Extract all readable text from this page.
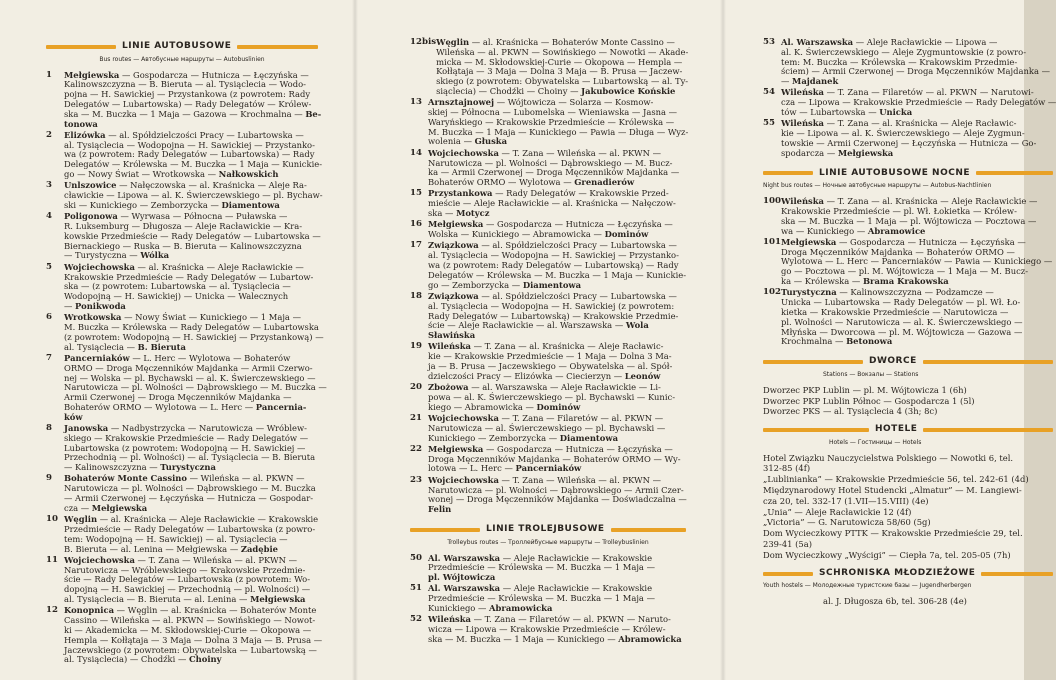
LINIE AUTOBUSOWE
Bus routes — Автобусные маршруты — Autobuslinien
1	Mełgiewska — Gospodarcza — Hutnicza — Łęczyńska —
Kalinowszczyzna — B. Bieruta — al. Tysiąclecia — Wodo-
pojna — H. Sawickiej — Przystankowa (z powrotem: Rady
Delegatów — Lubartowska) — Rady Delegatów — Królew-
ska — M. Buczka — 1 Maja — Gazowa — Krochmalna — Be-
tonowa
2	Elizówka — al. Spółdzielczości Pracy — Lubartowska —
al. Tysiąclecia — Wodopojna — H. Sawickiej — Przystanko-
wa (z powrotem: Rady Delegatów — Lubartowska) — Rady
Delegatów — Królewska — M. Buczka — 1 Maja — Kunickie-
go — Nowy Świat — Wrotkowska — Nałkowskich
3	Unlszowice — Nałęczowska — al. Kraśnicka — Aleje Ra-
cławickie — Lipowa — al. K. Świerczewskiego — pl. Bychaw-
ski — Kunickiego — Zemborzycka — Diamentowa
4	Poligonowa — Wyrwasa — Północna — Puławska —
R. Luksemburg — Długosza — Aleje Racławickie — Kra-
kowskie Przedmieście — Rady Delegatów — Lubartowska —
Biernackiego — Ruska — B. Bieruta — Kalinowszczyzna
— Turystyczna — Wólka
5	Wojciechowska — al. Kraśnicka — Aleje Racławickie —
Krakowskie Przedmieście — Rady Delegatów — Lubartow-
ska — (z powrotem: Lubartowska — al. Tysiąclecia —
Wodopojną — H. Sawickiej) — Unicka — Walecznych
— Ponikwoda
6	Wrotkowska — Nowy Świat — Kunickiego — 1 Maja —
M. Buczka — Królewska — Rady Delegatów — Lubartowska
(z powrotem: Wodopojną — H. Sawickiej — Przystankową) —
al. Tysiąclecia — B. Bieruta
7	Pancerniaków — L. Herc — Wylotowa — Bohaterów
ORMO — Droga Męczenników Majdanka — Armii Czerwo-
nej — Wolska — pl. Bychawski — al. K. Świerczewskiego —
Narutowicza — pl. Wolności — Dąbrowskiego — M. Buczka —
Armii Czerwonej — Droga Męczenników Majdanka —
Bohaterów ORMO — Wylotowa — L. Herc — Pancernia-
ków
8	Janowska — Nadbystrzycka — Narutowicza — Wróblew-
skiego — Krakowskie Przedmieście — Rady Delegatów —
Lubartowska (z powrotem: Wodopojną — H. Sawickiej —
Przechodnią — pl. Wolności) — al. Tysiąclecia — B. Bieruta
— Kalinowszczyzna — Turystyczna
9	Bohaterów Monte Cassino — Wileńska — al. PKWN —
Narutowicza — pl. Wolności — Dąbrowskiego — M. Buczka
— Armii Czerwonej — Łęczyńska — Hutnicza — Gospodar-
cza — Mełgiewska
10 Węglin — al. Kraśnicka — Aleje Racławickie — Krakowskie
Przedmieście — Rady Delegatów — Lubartowska (z powro-
tem: Wodopojną — H. Sawickiej) — al. Tysiąclecia —
B. Bieruta — al. Lenina — Mełgiewska — Zadębie
11 Wojciechowska — T. Zana — Wileńska — al. PKWN —
Narutowicza — Wróblewskiego — Krakowskie Przedmie-
ście — Rady Delegatów — Lubartowska (z powrotem: Wo-
dopojną — H. Sawickiej — Przechodnią — pl. Wolności) —
al. Tysiąclecia — B. Bieruta — al. Lenina — Mełgiewska
12 Konopnica — Węglin — al. Kraśnicka — Bohaterów Monte
Cassino — Wileńska — al. PKWN — Sowińskiego — Nowot-
ki — Akademicka — M. Skłodowskiej-Curie — Okopowa —
Hempla — Kołłątaja — 3 Maja — Dolna 3 Maja — B. Prusa —
Jaczewskiego (z powrotem: Obywatelska — Lubartowską —
al. Tysiąclecia) — Chodźki — Choiny
12bis Węglin — al. Kraśnicka — Bohaterów Monte Cassino —
Wileńska — al. PKWN — Sowińskiego — Nowotki — Akade-
micka — M. Skłodowskiej-Curie — Okopowa — Hempla —
Kołłątaja — 3 Maja — Dolna 3 Maja — B. Prusa — Jaczew-
skiego (z powrotem: Obywatelska — Lubartowską — al. Ty-
siąclecia) — Chodźki — Choiny — Jakubowice Końskie
13 Arnsztajnowej — Wójtowicza — Solarza — Kosmow-
skiej — Północna — Lubomelska — Wieniawska — Jasna —
Waryńskiego — Krakowskie Przedmieście — Królewska —
M. Buczka — 1 Maja — Kunickiego — Pawia — Długa — Wyz-
wolenia — Głuska
14 Wojciechowska — T. Zana — Wileńska — al. PKWN —
Narutowicza — pl. Wolności — Dąbrowskiego — M. Bucz-
ka — Armii Czerwonej — Droga Męczenników Majdanka —
Bohaterów ORMO — Wylotowa — Grenadierów
15 Przystankowa — Rady Delegatów — Krakowskie Przed-
mieście — Aleje Racławickie — al. Kraśnicka — Nałęczow-
ska — Motycz
16 Mełgiewska — Gospodarcza — Hutnicza — Łęczyńska —
Wolska — Kunickiego — Abramowicka — Dominów
17 Związkowa — al. Spółdzielczości Pracy — Lubartowska —
al. Tysiąclecia — Wodopojna — H. Sawickiej — Przystanko-
wa (z powrotem: Rady Delegatów — Lubartowską) — Rady
Delegatów — Królewska — M. Buczka — 1 Maja — Kunickie-
go — Zemborzycka — Diamentowa
18 Związkowa — al. Spółdzielczości Pracy — Lubartowska —
al. Tysiąclecia — Wodopojna — H. Sawickiej (z powrotem:
Rady Delegatów — Lubartowską) — Krakowskie Przedmie-
ście — Aleje Racławickie — al. Warszawska — Wola
Sławińska
19 Wileńska — T. Zana — al. Kraśnicka — Aleje Racławic-
kie — Krakowskie Przedmieście — 1 Maja — Dolna 3 Ma-
ja — B. Prusa — Jaczewskiego — Obywatelska — al. Spół-
dzielczości Pracy — Elizówka — Ciecierzyn — Leonów
20 Zbożowa — al. Warszawska — Aleje Racławickie — Li-
powa — al. K. Świerczewskiego — pl. Bychawski — Kunic-
kiego — Abramowicka — Dominów
21 Wojciechowska — T. Zana — Filaretów — al. PKWN —
Narutowicza — al. Świerczewskiego — pl. Bychawski —
Kunickiego — Zemborzycka — Diamentowa
22 Mełgiewska — Gospodarcza — Hutnicza — Łęczyńska —
Droga Męczenników Majdanka — Bohaterów ORMO — Wy-
lotowa — L. Herc — Pancerniaków
23 Wojciechowska — T. Zana — Wileńska — al. PKWN —
Narutowicza — pl. Wolności — Dąbrowskiego — Armii Czer-
wonej — Droga Męczenników Majdanka — Doświadczalna —
Felin
LINIE TROLEJBUSOWE
Trolleybus routes — Троллейбусные маршруты — Trolleybuslinien
50 Al. Warszawska — Aleje Racławickie — Krakowskie
Przedmieście — Królewska — M. Buczka — 1 Maja —
pl. Wójtowicza
51 Al. Warszawska — Aleje Racławickie — Krakowskie
Przedmieście — Królewska — M. Buczka — 1 Maja —
Kunickiego — Abramowicka
52 Wileńska — T. Zana — Filaretów — al. PKWN — Naruto-
wicza — Lipowa — Krakowskie Przedmieście — Królew-
ska — M. Buczka — 1 Maja — Kunickiego — Abramowicka
53 Al. Warszawska — Aleje Racławickie — Lipowa —
al. K. Świerczewskiego — Aleje Zygmuntowskie (z powro-
tem: M. Buczka — Królewska — Krakowskim Przedmie-
ściem) — Armii Czerwonej — Droga Męczenników Majdanka —
— Majdanek
54 Wileńska — T. Zana — Filaretów — al. PKWN — Narutowi-
cza — Lipowa — Krakowskie Przedmieście — Rady Delegatów —
tów — Lubartowska — Unicka
55 Wileńska — T. Zana — al. Kraśnicka — Aleje Racławic-
kie — Lipowa — al. K. Świerczewskiego — Aleje Zygmun-
towskie — Armii Czerwonej — Łęczyńska — Hutnicza — Go-
spodarcza — Mełgiewska
LINIE AUTOBUSOWE NOCNE
Night bus routes — Ночные автобусные маршруты — Autobus-Nachtlinien
100 Wileńska — T. Zana — al. Kraśnicka — Aleje Racławickie —
Krakowskie Przedmieście — pl. Wł. Łokietka — Królew-
ska — M. Buczka — 1 Maja — pl. Wójtowicza — Pocztowa —
wa — Kunickiego — Abramowice
101 Mełgiewska — Gospodarcza — Hutnicza — Łęczyńska —
Droga Męczenników Majdanka — Bohaterów ORMO —
Wylotowa — L. Herc — Pancerniaków — Pawia — Kunickiego —
go — Pocztowa — pl. M. Wójtowicza — 1 Maja — M. Bucz-
ka — Królewska — Brama Krakowska
102 Turystyczna — Kalinowszczyzna — Podzamcze —
Unicka — Lubartowska — Rady Delegatów — pl. Wł. Ło-
kietka — Krakowskie Przedmieście — Narutowicza —
pl. Wolności — Narutowicza — al. K. Świerczewskiego —
Młyńska — Dworcowa — pl. M. Wójtowicza — Gazowa —
Krochmalna — Betonowa
DWORCE
Stations — Вокзалы — Stations
Dworzec PKP Lublin — pl. M. Wójtowicza 1 (6h)
Dworzec PKP Lublin Północ — Gospodarcza 1 (5l)
Dworzec PKS — al. Tysiąclecia 4 (3h; 8c)
HOTELE
Hotels — Гостиницы — Hotels
Hotel Związku Nauczycielstwa Polskiego — Nowotki 6, tel.
312-85 (4f)
„Lublinianka” — Krakowskie Przedmieście 56, tel. 242-61 (4d)
Międzynarodowy Hotel Studencki „Almatur” — M. Langiewi-
cza 20, tel. 332-17 (1.VII—15.VIII) (4e)
„Unia” — Aleje Racławickie 12 (4f)
„Victoria” — G. Narutowicza 58/60 (5g)
Dom Wycieczkowy PTTK — Krakowskie Przedmieście 29, tel.
239-41 (5a)
Dom Wycieczkowy „Wyścigi” — Ciepła 7a, tel. 205-05 (7h)
SCHRONISKA MŁODZIEŻOWE
Youth hostels — Молодежные туристские базы — Jugendherbergen
al. J. Długosza 6b, tel. 306-28 (4e)
